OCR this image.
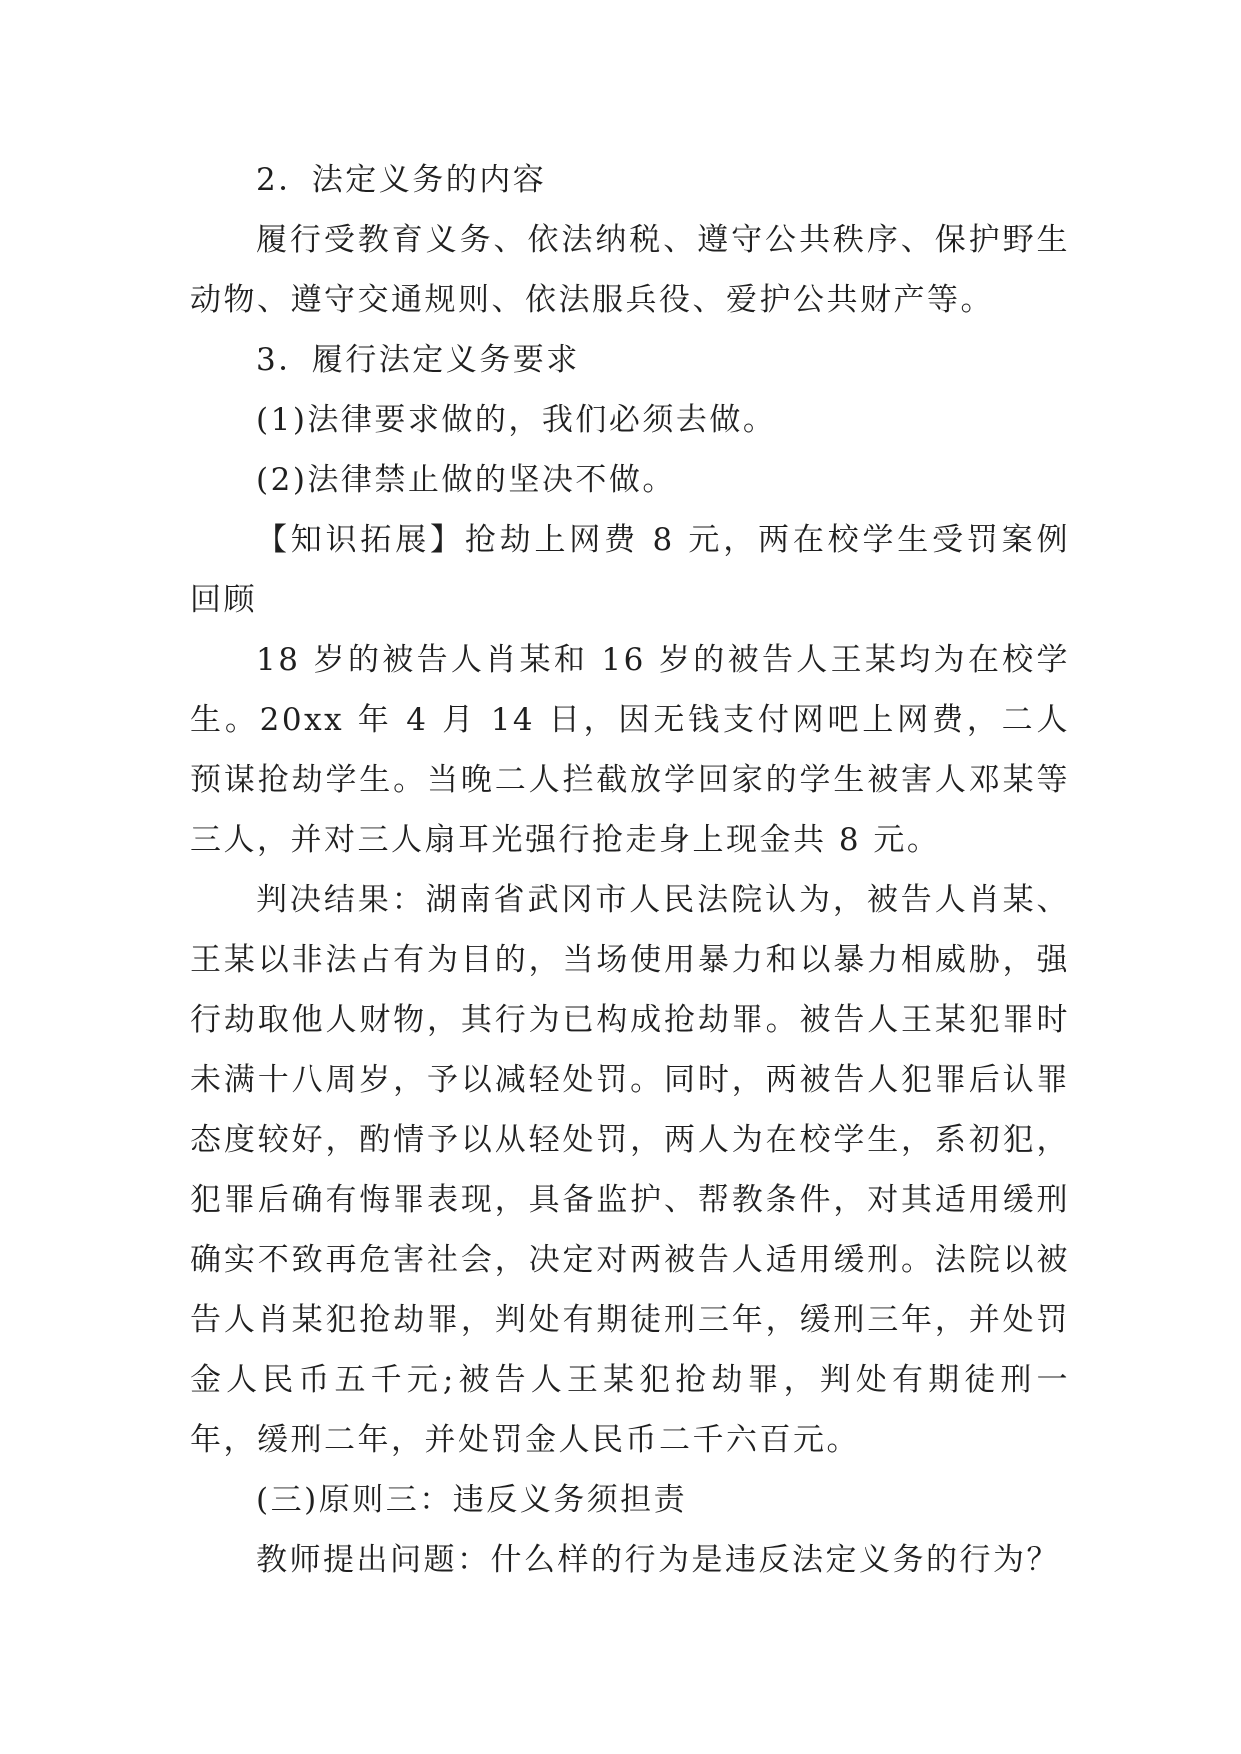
2．法定义务的内容

履行受教育义务、依法纳税、遵守公共秩序、保护野生动物、遵守交通规则、依法服兵役、爱护公共财产等。

3．履行法定义务要求

(1)法律要求做的，我们必须去做。

(2)法律禁止做的坚决不做。

【知识拓展】抢劫上网费 8 元，两在校学生受罚案例回顾

18 岁的被告人肖某和 16 岁的被告人王某均为在校学生。20xx 年 4 月 14 日，因无钱支付网吧上网费，二人预谋抢劫学生。当晚二人拦截放学回家的学生被害人邓某等三人，并对三人扇耳光强行抢走身上现金共 8 元。

判决结果：湖南省武冈市人民法院认为，被告人肖某、王某以非法占有为目的，当场使用暴力和以暴力相威胁，强行劫取他人财物，其行为已构成抢劫罪。被告人王某犯罪时未满十八周岁，予以减轻处罚。同时，两被告人犯罪后认罪态度较好，酌情予以从轻处罚，两人为在校学生，系初犯，犯罪后确有悔罪表现，具备监护、帮教条件，对其适用缓刑确实不致再危害社会，决定对两被告人适用缓刑。法院以被告人肖某犯抢劫罪，判处有期徒刑三年，缓刑三年，并处罚金人民币五千元;被告人王某犯抢劫罪，判处有期徒刑一年，缓刑二年，并处罚金人民币二千六百元。

(三)原则三：违反义务须担责

教师提出问题：什么样的行为是违反法定义务的行为？
